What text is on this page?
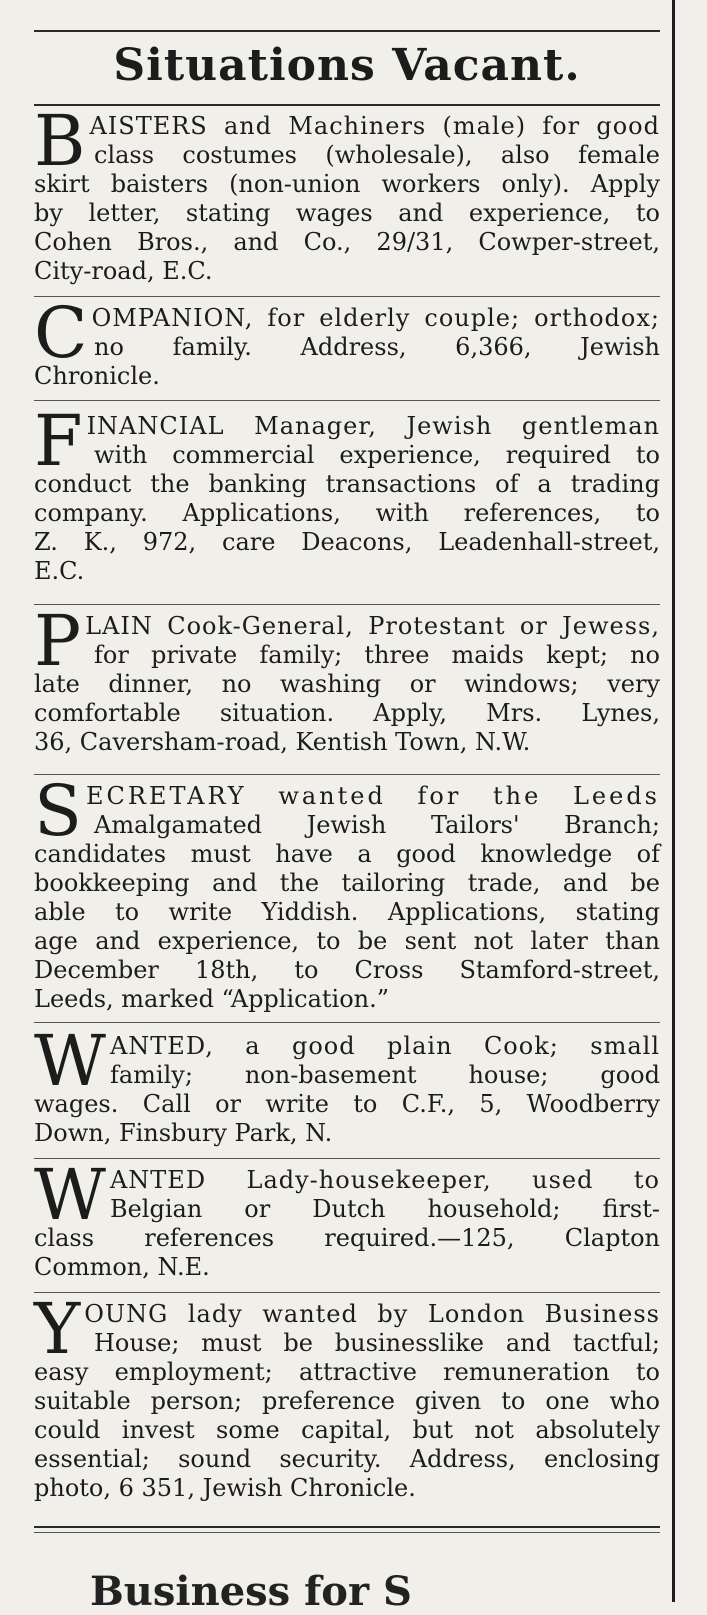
Situations Vacant.
B AISTERS and Machiners (male) for good
class costumes (wholesale), also female
skirt baisters (non-union workers only). Apply
by letter, stating wages and experience, to
Cohen Bros., and Co., 29/31, Cowper-street,
City-road, E.C.
C OMPANION, for elderly couple; orthodox;
no family. Address, 6,366, Jewish
Chronicle.
F INANCIAL Manager, Jewish gentleman
with commercial experience, required to
conduct the banking transactions of a trading
company. Applications, with references, to
Z. K., 972, care Deacons, Leadenhall-street,
E.C.
P LAIN Cook-General, Protestant or Jewess,
for private family; three maids kept; no
late dinner, no washing or windows; very
comfortable situation. Apply, Mrs. Lynes,
36, Caversham-road, Kentish Town, N.W.
S ECRETARY wanted for the Leeds
Amalgamated Jewish Tailors' Branch;
candidates must have a good knowledge of
bookkeeping and the tailoring trade, and be
able to write Yiddish. Applications, stating
age and experience, to be sent not later than
December 18th, to Cross Stamford-street,
Leeds, marked “Application.”
W ANTED, a good plain Cook; small
family; non-basement house; good
wages. Call or write to C.F., 5, Woodberry
Down, Finsbury Park, N.
W ANTED Lady-housekeeper, used to
Belgian or Dutch household; first-
class references required.—125, Clapton
Common, N.E.
Y OUNG lady wanted by London Business
House; must be businesslike and tactful;
easy employment; attractive remuneration to
suitable person; preference given to one who
could invest some capital, but not absolutely
essential; sound security. Address, enclosing
photo, 6 351, Jewish Chronicle.
Business for S
